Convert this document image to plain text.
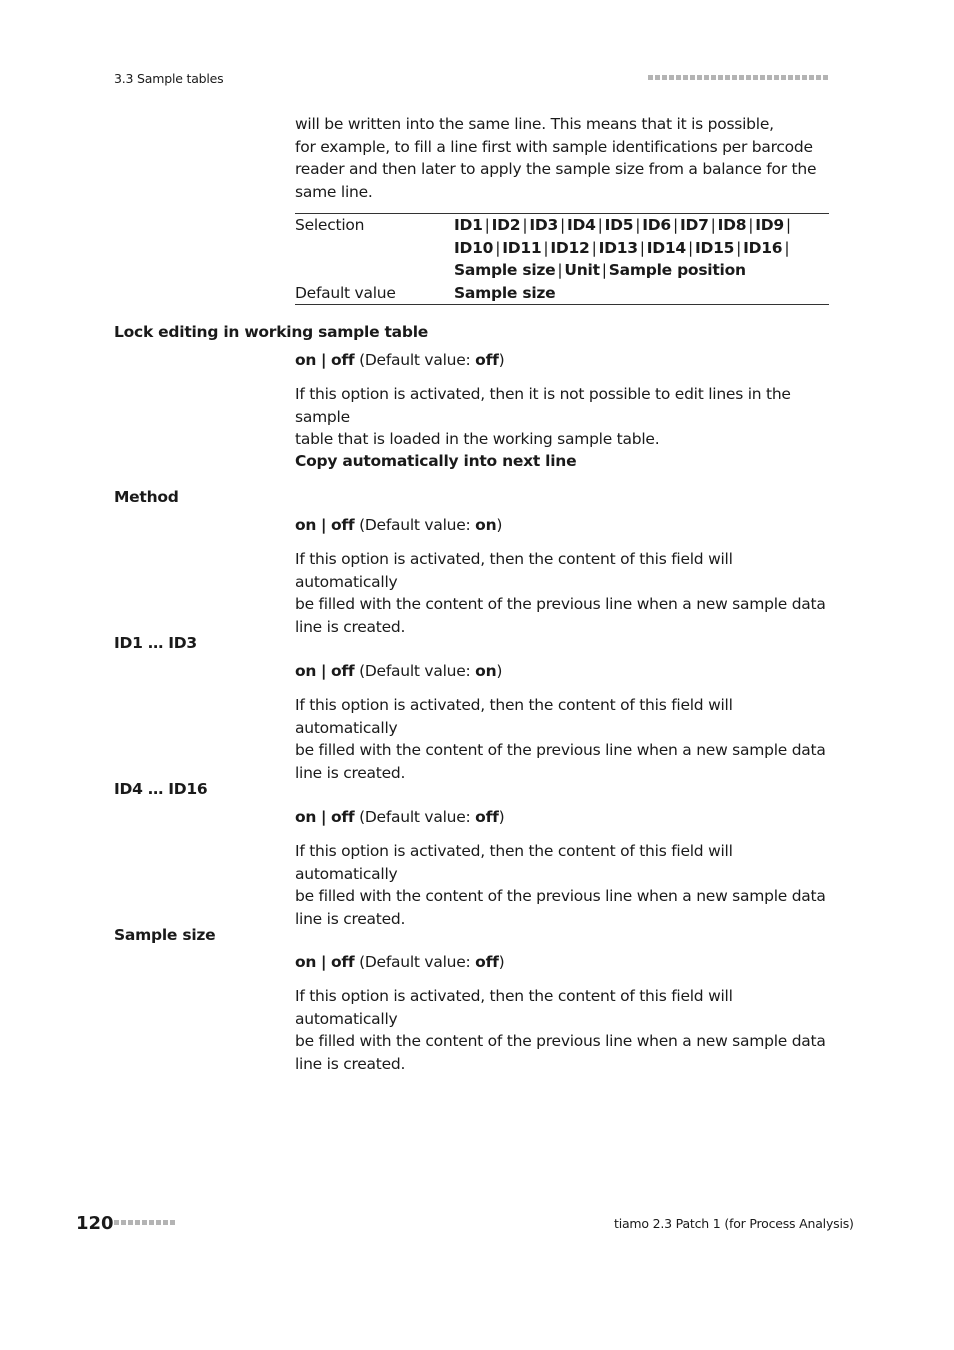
3.3 Sample tables

will be written into the same line. This means that it is possible,

for example, to fill a line first with sample identifications per barcode

reader and then later to apply the sample size from a balance for the

same line.

Selection	ID1 | ID2 | ID3 | ID4 | ID5 | ID6 | ID7 | ID8 | ID9 |
ID10 | ID11 | ID12 | ID13 | ID14 | ID15 | ID16 |
Sample size | Unit | Sample position
Default value	Sample size
Lock editing in working sample table
on | off (Default value: off)

If this option is activated, then it is not possible to edit lines in the sample

table that is loaded in the working sample table.

Copy automatically into next line
Method
on | off (Default value: on)

If this option is activated, then the content of this field will automatically

be filled with the content of the previous line when a new sample data

line is created.

ID1 … ID3
on | off (Default value: on)

If this option is activated, then the content of this field will automatically

be filled with the content of the previous line when a new sample data

line is created.

ID4 … ID16
on | off (Default value: off)

If this option is activated, then the content of this field will automatically

be filled with the content of the previous line when a new sample data

line is created.

Sample size
on | off (Default value: off)

If this option is activated, then the content of this field will automatically

be filled with the content of the previous line when a new sample data

line is created.

120	tiamo 2.3 Patch 1 (for Process Analysis)
